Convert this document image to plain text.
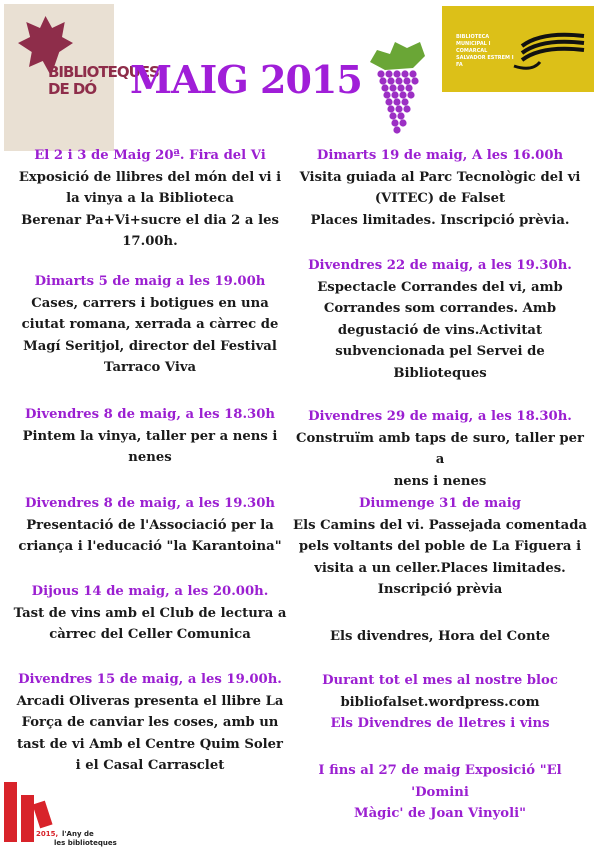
BIBLIOTEQUES DE DÓ MAIG 2015
BIBLIOTECA MUNICIPAL I COMARCAL SALVADOR ESTREM I FA
El 2 i 3 de Maig 20ª. Fira del Vi
Exposició de llibres del món del vi i
la vinya a la Biblioteca
Berenar Pa+Vi+sucre el dia 2 a les
17.00h.
Dimarts 5 de maig a les 19.00h
Cases, carrers i botigues en una
ciutat romana, xerrada a càrrec de
Magí Seritjol, director del Festival
Tarraco Viva
Divendres 8 de maig, a les 18.30h
Pintem la vinya, taller per a nens i
nenes
Divendres 8 de maig, a les 19.30h
Presentació de l'Associació per la
criança i l'educació "la Karantoina"
Dijous 14 de maig, a les 20.00h.
Tast de vins amb el Club de lectura a
càrrec del Celler Comunica
Divendres 15 de maig, a les 19.00h.
Arcadi Oliveras presenta el llibre La
Força de canviar les coses, amb un
tast de vi Amb el Centre Quim Soler
i el Casal Carrasclet
Dimarts 19 de maig, A les 16.00h
Visita guiada al Parc Tecnològic del vi
(VITEC) de Falset
Places limitades. Inscripció prèvia.
Divendres 22 de maig, a les 19.30h.
Espectacle Corrandes del vi, amb
Corrandes som corrandes. Amb
degustació de vins.Activitat
subvencionada pel Servei de
Biblioteques
Divendres 29 de maig, a les 18.30h.
Construïm amb taps de suro, taller per a
nens i nenes
Diumenge 31 de maig
Els Camins del vi. Passejada comentada
pels voltants del poble de La Figuera i
visita a un celler.Places limitades.
Inscripció prèvia
Els divendres, Hora del Conte
Durant tot el mes al nostre bloc
bibliofalset.wordpress.com
Els Divendres de lletres i vins
I fins al 27 de maig Exposició "El 'Domini
Màgic' de Joan Vinyoli"
2015, l'Any de
les biblioteques
